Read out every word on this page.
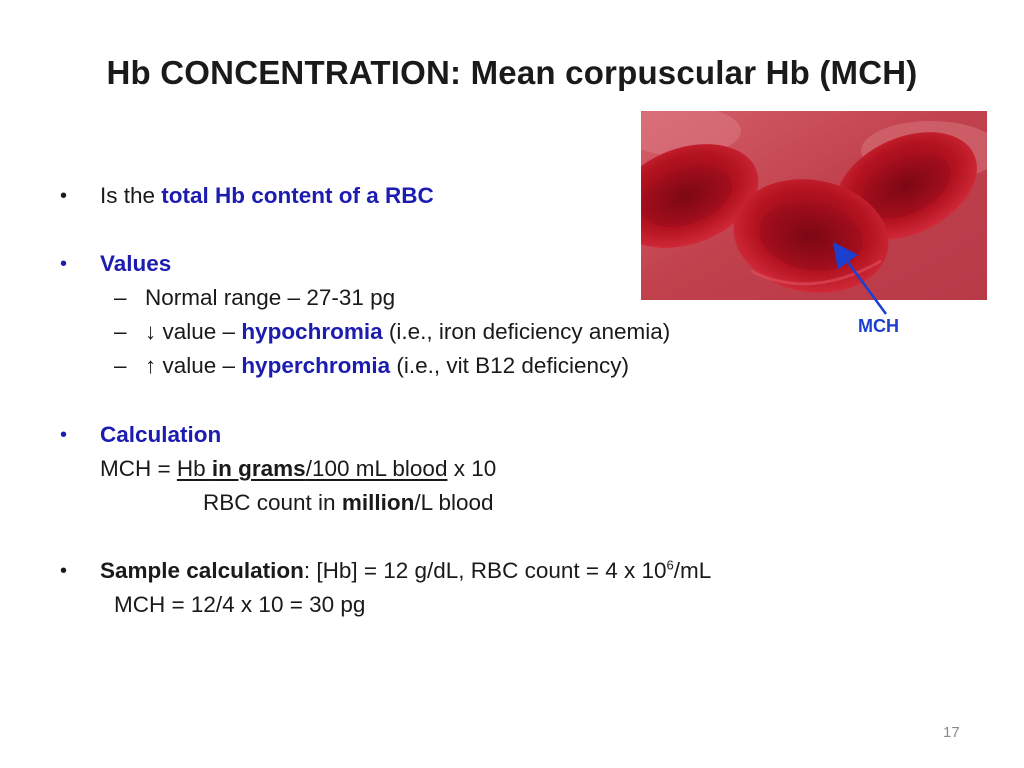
Hb CONCENTRATION: Mean corpuscular Hb (MCH)
• Is the total Hb content of a RBC
• Values
– Normal range – 27-31 pg
– ↓ value – hypochromia (i.e., iron deficiency anemia)
– ↑ value – hyperchromia (i.e., vit B12 deficiency)
• Calculation
MCH = Hb in grams/100 mL blood x 10
RBC count in million/L blood
• Sample calculation: [Hb] = 12 g/dL, RBC count = 4 x $10^6/mL$
MCH = 12/4 x 10 = 30 pg
MCH
17
